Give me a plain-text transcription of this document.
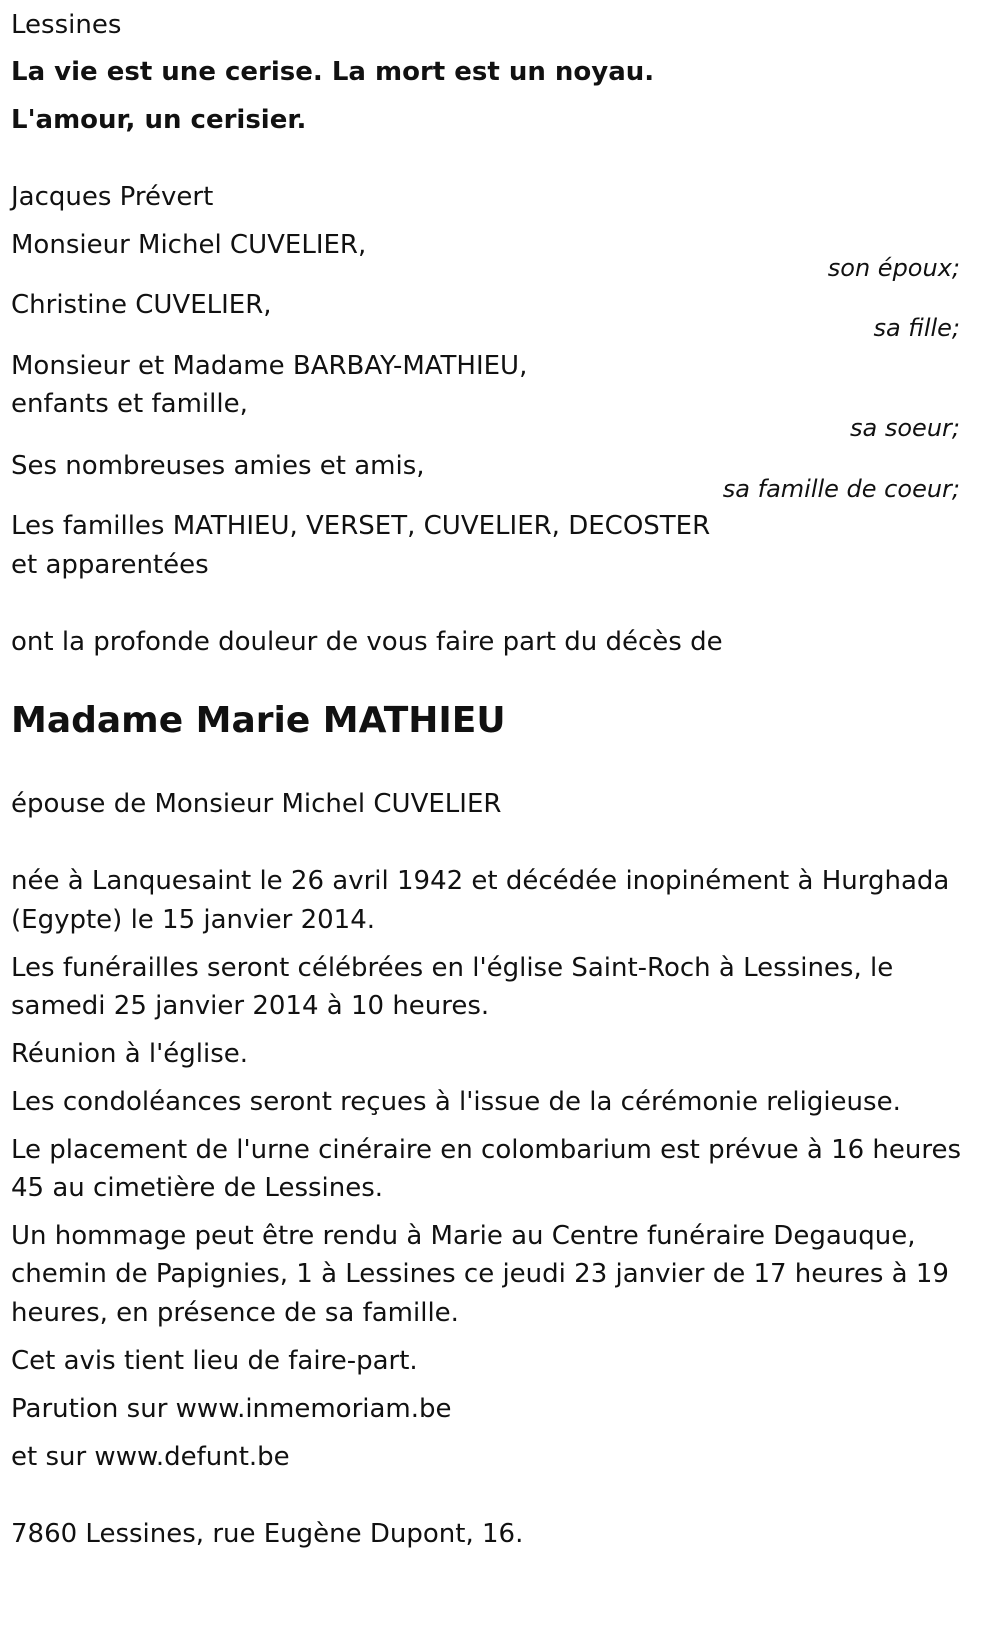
Lessines
La vie est une cerise. La mort est un noyau.
L'amour, un cerisier.
Jacques Prévert
Monsieur Michel CUVELIER,
son époux;
Christine CUVELIER,
sa fille;
Monsieur et Madame BARBAY-MATHIEU,
enfants et famille,
sa soeur;
Ses nombreuses amies et amis,
sa famille de coeur;
Les familles MATHIEU, VERSET, CUVELIER, DECOSTER
et apparentées
ont la profonde douleur de vous faire part du décès de
Madame Marie MATHIEU
épouse de Monsieur Michel CUVELIER
née à Lanquesaint le 26 avril 1942 et décédée inopinément à Hurghada
(Egypte) le 15 janvier 2014.
Les funérailles seront célébrées en l'église Saint-Roch à Lessines, le
samedi 25 janvier 2014 à 10 heures.
Réunion à l'église.
Les condoléances seront reçues à l'issue de la cérémonie religieuse.
Le placement de l'urne cinéraire en colombarium est prévue à 16 heures
45 au cimetière de Lessines.
Un hommage peut être rendu à Marie au Centre funéraire Degauque,
chemin de Papignies, 1 à Lessines ce jeudi 23 janvier de 17 heures à 19
heures, en présence de sa famille.
Cet avis tient lieu de faire-part.
Parution sur www.inmemoriam.be
et sur www.defunt.be
7860 Lessines, rue Eugène Dupont, 16.
